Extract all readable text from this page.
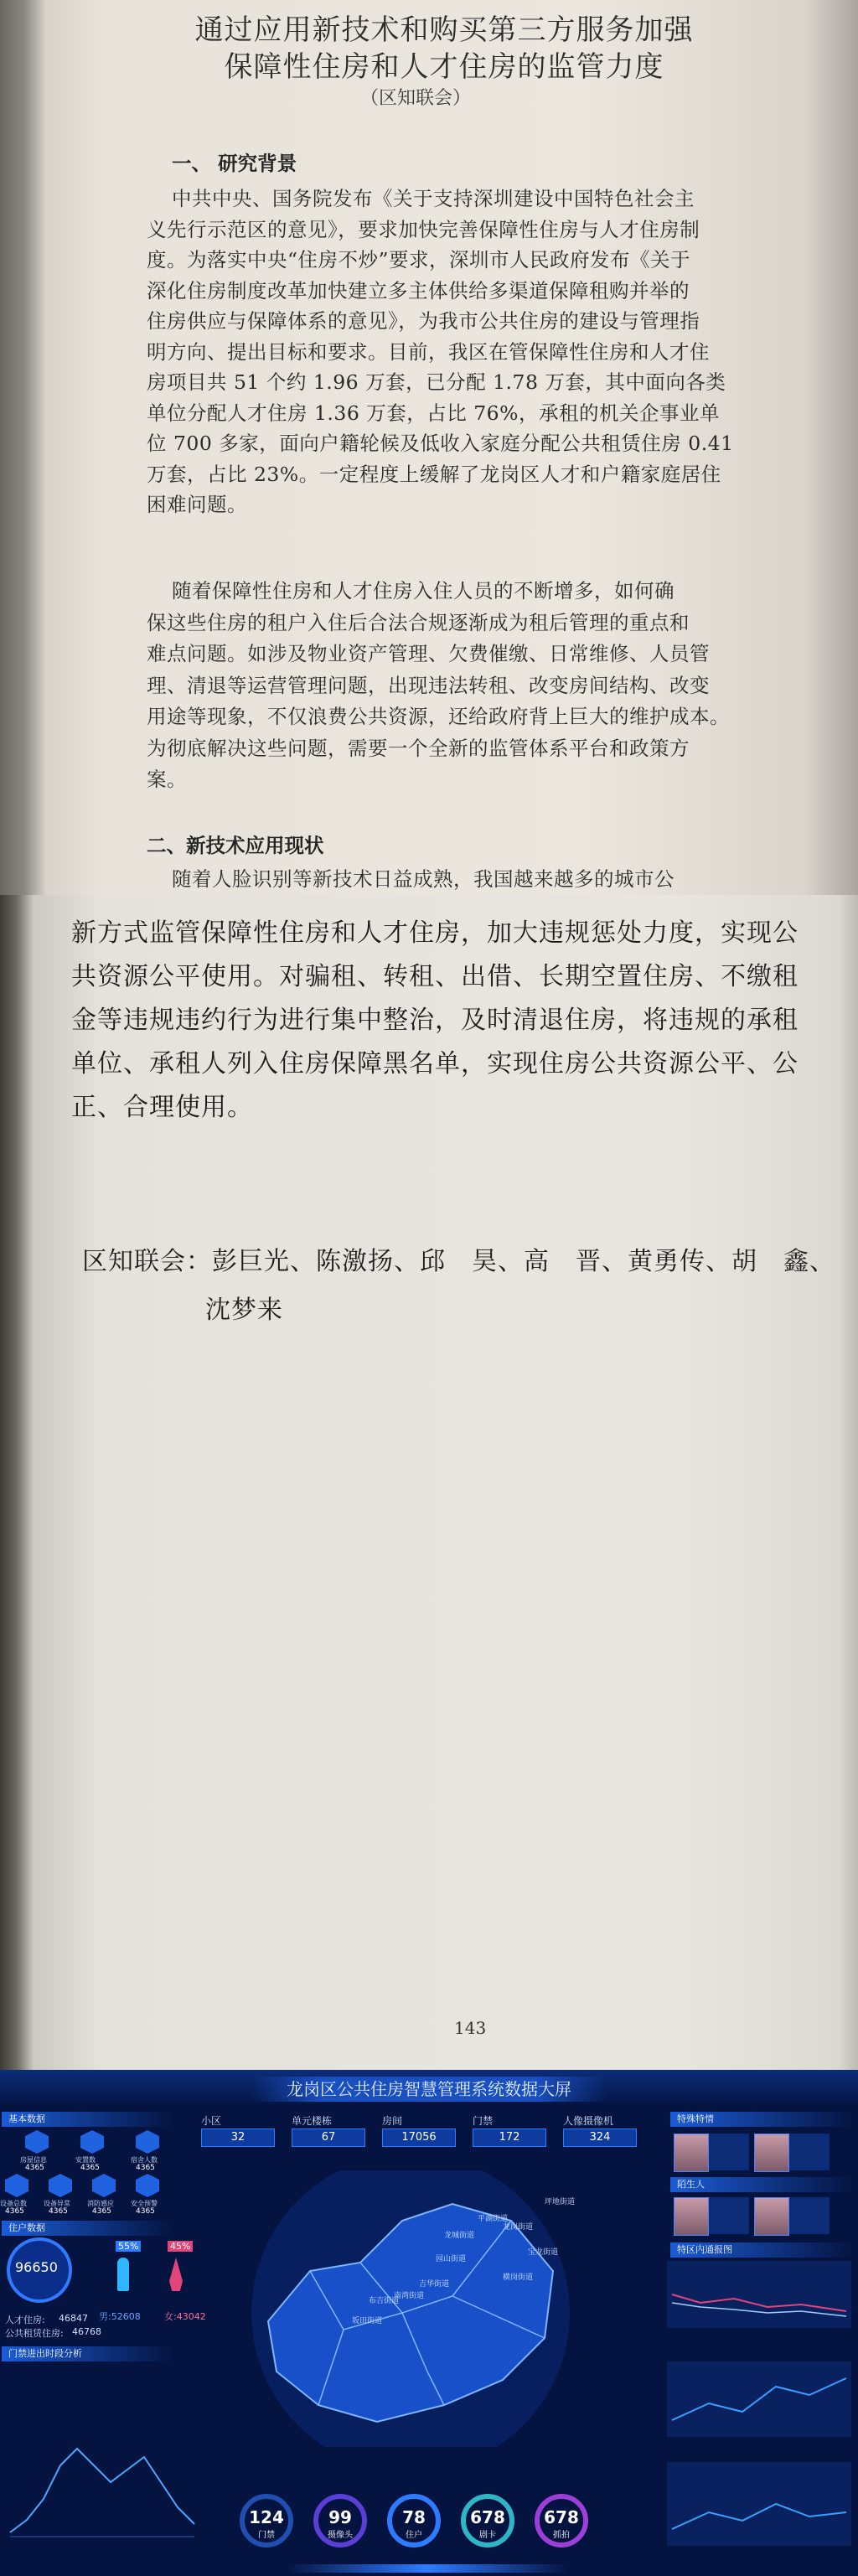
通过应用新技术和购买第三方服务加强
保障性住房和人才住房的监管力度
（区知联会）
一、 研究背景
中共中央、国务院发布《关于支持深圳建设中国特色社会主
义先行示范区的意见》，要求加快完善保障性住房与人才住房制
度。为落实中央“住房不炒”要求，深圳市人民政府发布《关于
深化住房制度改革加快建立多主体供给多渠道保障租购并举的
住房供应与保障体系的意见》，为我市公共住房的建设与管理指
明方向、提出目标和要求。目前，我区在管保障性住房和人才住
房项目共 51 个约 1.96 万套，已分配 1.78 万套，其中面向各类
单位分配人才住房 1.36 万套，占比 76%，承租的机关企事业单
位 700 多家，面向户籍轮候及低收入家庭分配公共租赁住房 0.41
万套，占比 23%。一定程度上缓解了龙岗区人才和户籍家庭居住
困难问题。
随着保障性住房和人才住房入住人员的不断增多，如何确
保这些住房的租户入住后合法合规逐渐成为租后管理的重点和
难点问题。如涉及物业资产管理、欠费催缴、日常维修、人员管
理、清退等运营管理问题，出现违法转租、改变房间结构、改变
用途等现象，不仅浪费公共资源，还给政府背上巨大的维护成本。
为彻底解决这些问题，需要一个全新的监管体系平台和政策方
案。
二、新技术应用现状
随着人脸识别等新技术日益成熟，我国越来越多的城市公
新方式监管保障性住房和人才住房，加大违规惩处力度，实现公
共资源公平使用。对骗租、转租、出借、长期空置住房、不缴租
金等违规违约行为进行集中整治，及时清退住房，将违规的承租
单位、承租人列入住房保障黑名单，实现住房公共资源公平、公
正、合理使用。
区知联会：彭巨光、陈激扬、邱　昊、高　晋、黄勇传、胡　鑫、
沈梦来
143
龙岗区公共住房智慧管理系统数据大屏
基本数据
房屋信息
4365
安置数
4365
宿舍人数
4365
设备总数
4365
设备异常
4365
消防感应
4365
安全预警
4365
住户数据
96650
55%	45%
男:52608	女:43042
人才住房: 46847
公共租赁住房: 46768
门禁进出时段分析
小区
32
单元楼栋
67
房间
17056
门禁
172
人像摄像机
324
坂田街道
布吉街道
南湾街道
吉华街道
龙城街道
园山街道
横岗街道
平湖街道
宝龙街道
坪地街道
龙岗街道
124
门禁
99
摄像头
78
住户
678
剧卡
678
抓拍
特殊特情
陌生人
特区内通报图
